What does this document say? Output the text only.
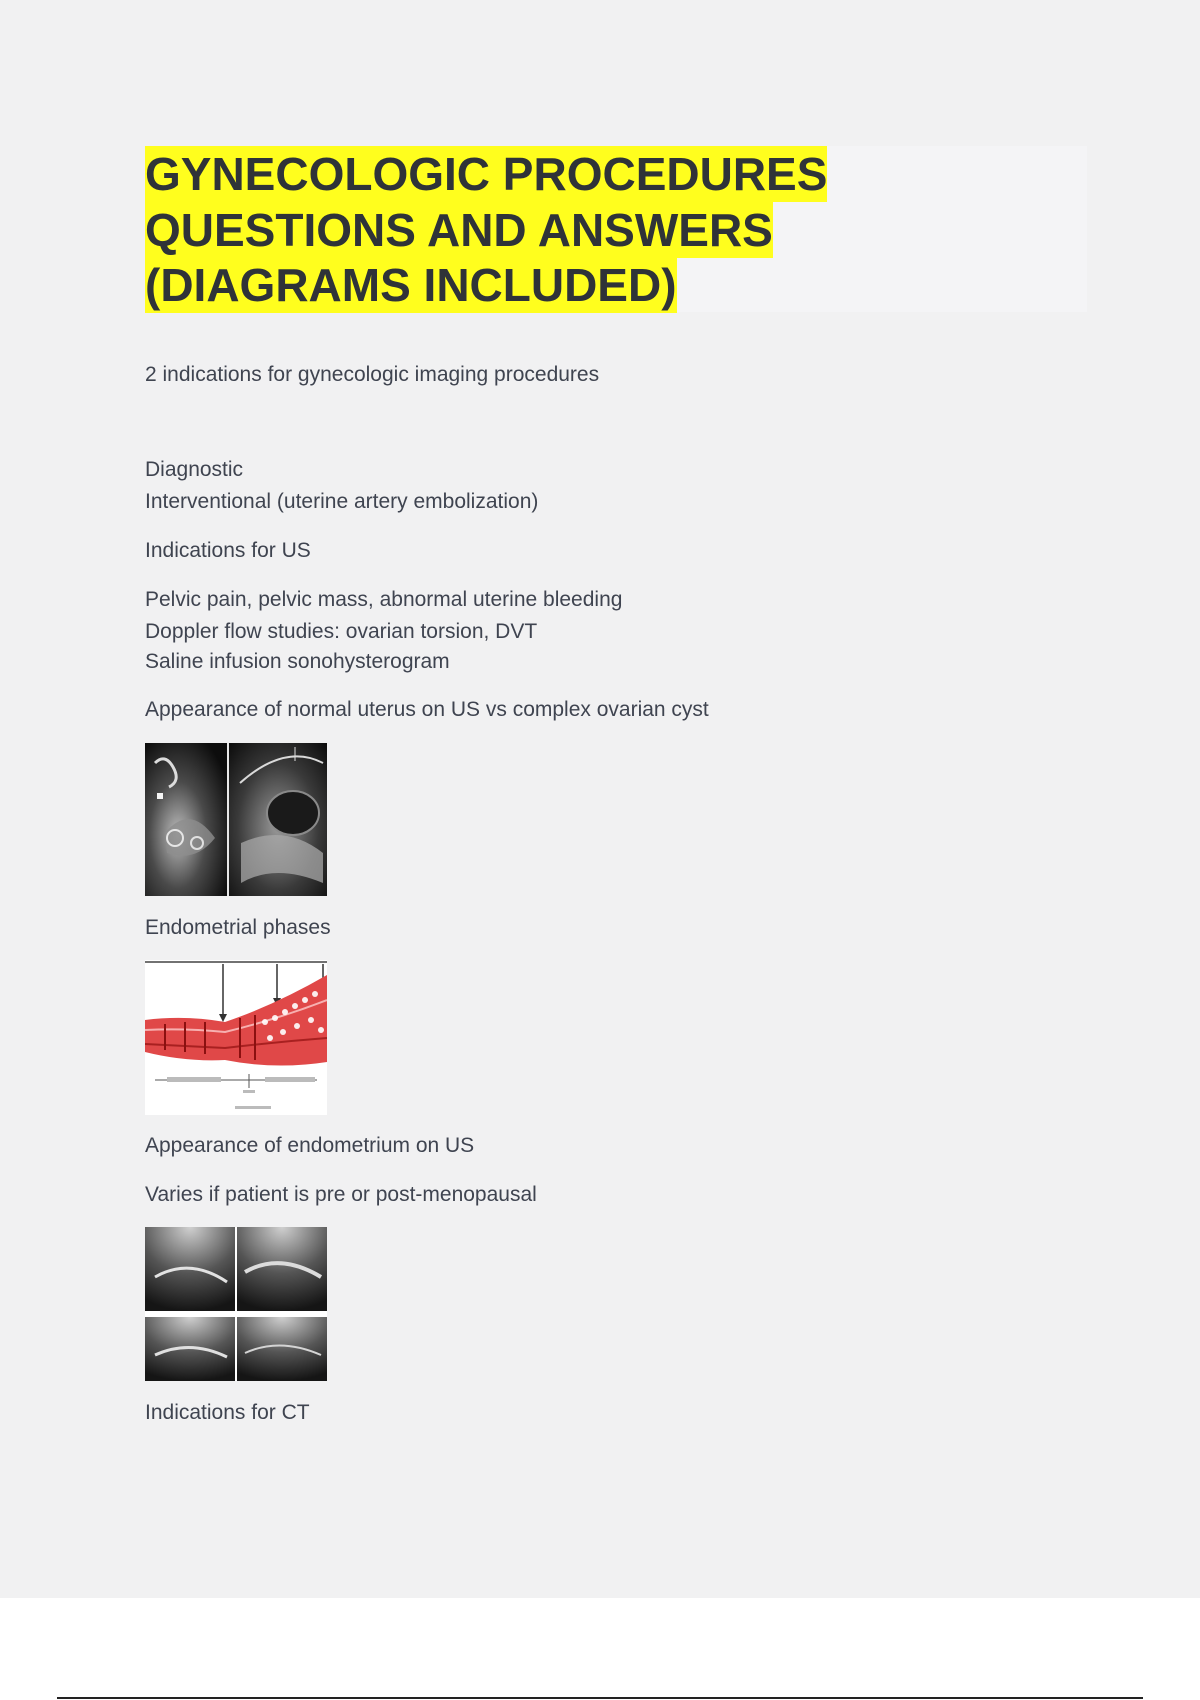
GYNECOLOGIC PROCEDURES
QUESTIONS AND ANSWERS
(DIAGRAMS INCLUDED)
2 indications for gynecologic imaging procedures
Diagnostic
Interventional (uterine artery embolization)
Indications for US
Pelvic pain, pelvic mass, abnormal uterine bleeding
Doppler flow studies: ovarian torsion, DVT
Saline infusion sonohysterogram
Appearance of normal uterus on US vs complex ovarian cyst
Endometrial phases
Appearance of endometrium on US
Varies if patient is pre or post-menopausal
Indications for CT
